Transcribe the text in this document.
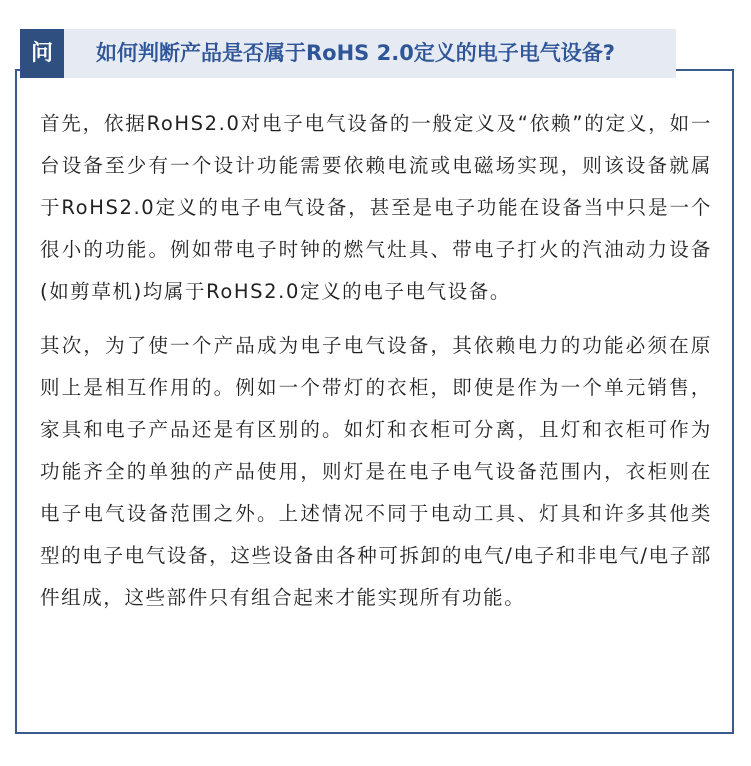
问	如何判断产品是否属于RoHS 2.0定义的电子电气设备?

首先，依据RoHS2.0对电子电气设备的一般定义及“依赖”的定义，如一台设备至少有一个设计功能需要依赖电流或电磁场实现，则该设备就属于RoHS2.0定义的电子电气设备，甚至是电子功能在设备当中只是一个很小的功能。例如带电子时钟的燃气灶具、带电子打火的汽油动力设备(如剪草机)均属于RoHS2.0定义的电子电气设备。

其次，为了使一个产品成为电子电气设备，其依赖电力的功能必须在原则上是相互作用的。例如一个带灯的衣柜，即使是作为一个单元销售，家具和电子产品还是有区别的。如灯和衣柜可分离，且灯和衣柜可作为功能齐全的单独的产品使用，则灯是在电子电气设备范围内，衣柜则在电子电气设备范围之外。上述情况不同于电动工具、灯具和许多其他类型的电子电气设备，这些设备由各种可拆卸的电气/电子和非电气/电子部件组成，这些部件只有组合起来才能实现所有功能。
